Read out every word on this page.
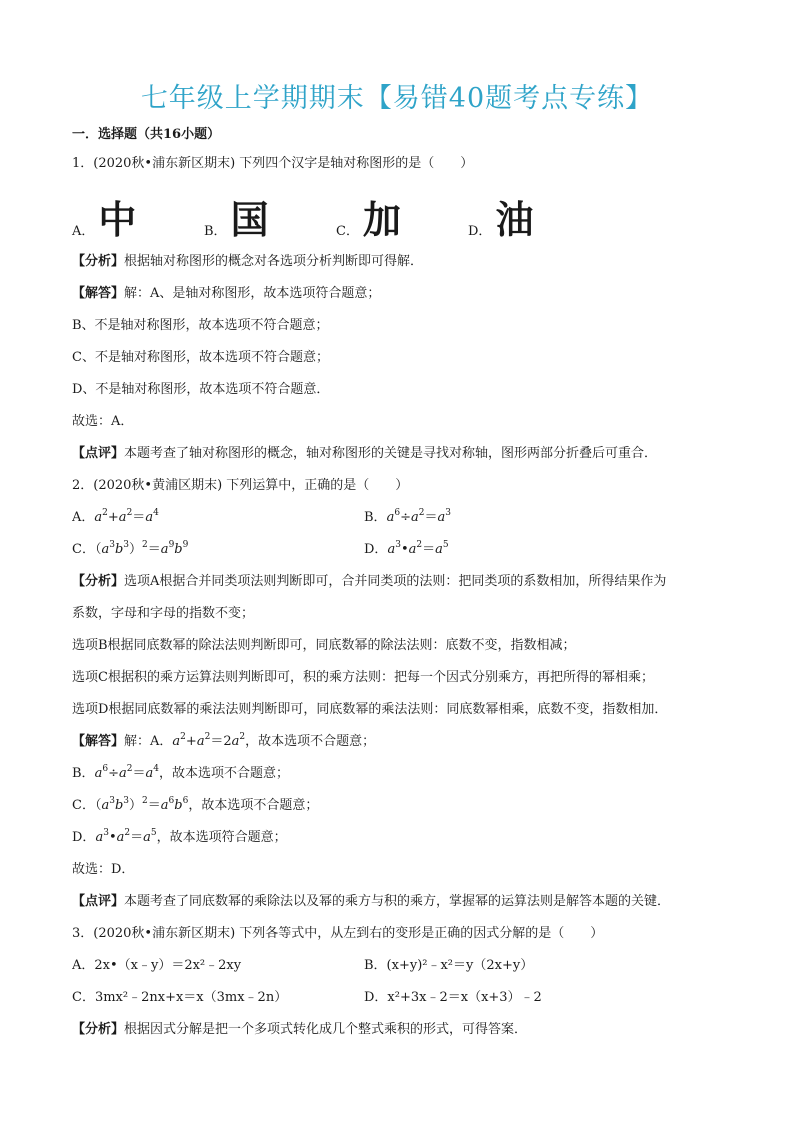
七年级上学期期末【易错40题考点专练】
一．选择题（共16小题）
1．(2020秋•浦东新区期末) 下列四个汉字是轴对称图形的是（　　）
A． 中	B． 国	C． 加	D． 油
【分析】根据轴对称图形的概念对各选项分析判断即可得解．
【解答】解：A、是轴对称图形，故本选项符合题意；
B、不是轴对称图形，故本选项不符合题意；
C、不是轴对称图形，故本选项不符合题意；
D、不是轴对称图形，故本选项不符合题意．
故选：A．
【点评】本题考查了轴对称图形的概念，轴对称图形的关键是寻找对称轴，图形两部分折叠后可重合．
2．(2020秋•黄浦区期末) 下列运算中，正确的是（　　）
A．$a^2+a^2=a^4$	B．$a^6\div a^2=a^3$
C．$(a^3b^3)^2=a^9b^9$	D．$a^3•a^2=a^5$
【分析】选项A根据合并同类项法则判断即可，合并同类项的法则：把同类项的系数相加，所得结果作为
系数，字母和字母的指数不变；
选项B根据同底数幂的除法法则判断即可，同底数幂的除法法则：底数不变，指数相减；
选项C根据积的乘方运算法则判断即可，积的乘方法则：把每一个因式分别乘方，再把所得的幂相乘；
选项D根据同底数幂的乘法法则判断即可，同底数幂的乘法法则：同底数幂相乘，底数不变，指数相加．
【解答】解：A．$a^2+a^2=2a^2$，故本选项不合题意；
B．$a^6\div a^2=a^4$，故本选项不合题意；
C．$(a^3b^3)^2=a^6b^6$，故本选项不合题意；
D．$a^3•a^2=a^5$，故本选项符合题意；
故选：D．
【点评】本题考查了同底数幂的乘除法以及幂的乘方与积的乘方，掌握幂的运算法则是解答本题的关键．
3．(2020秋•浦东新区期末) 下列各等式中，从左到右的变形是正确的因式分解的是（　　）
A．2x•（x﹣y）＝2x²﹣2xy	B．(x+y)²﹣x²＝y（2x+y）
C．3mx²﹣2nx+x＝x（3mx﹣2n）	D．x²+3x﹣2＝x（x+3）﹣2
【分析】根据因式分解是把一个多项式转化成几个整式乘积的形式，可得答案．
